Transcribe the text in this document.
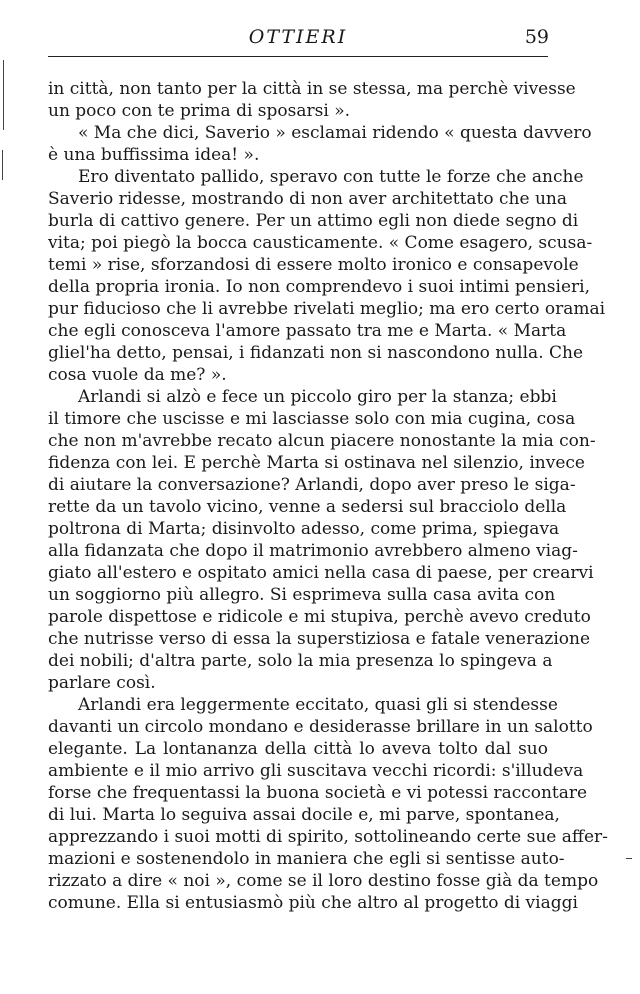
OTTIERI	59
in città, non tanto per la città in se stessa, ma perchè vivesse
un poco con te prima di sposarsi ».
« Ma che dici, Saverio » esclamai ridendo « questa davvero
è una buffissima idea! ».
Ero diventato pallido, speravo con tutte le forze che anche
Saverio ridesse, mostrando di non aver architettato che una
burla di cattivo genere. Per un attimo egli non diede segno di
vita; poi piegò la bocca causticamente. « Come esagero, scusa-
temi » rise, sforzandosi di essere molto ironico e consapevole
della propria ironia. Io non comprendevo i suoi intimi pensieri,
pur fiducioso che li avrebbe rivelati meglio; ma ero certo oramai
che egli conosceva l'amore passato tra me e Marta. « Marta
gliel'ha detto, pensai, i fidanzati non si nascondono nulla. Che
cosa vuole da me? ».
Arlandi si alzò e fece un piccolo giro per la stanza; ebbi
il timore che uscisse e mi lasciasse solo con mia cugina, cosa
che non m'avrebbe recato alcun piacere nonostante la mia con-
fidenza con lei. E perchè Marta si ostinava nel silenzio, invece
di aiutare la conversazione? Arlandi, dopo aver preso le siga-
rette da un tavolo vicino, venne a sedersi sul bracciolo della
poltrona di Marta; disinvolto adesso, come prima, spiegava
alla fidanzata che dopo il matrimonio avrebbero almeno viag-
giato all'estero e ospitato amici nella casa di paese, per crearvi
un soggiorno più allegro. Si esprimeva sulla casa avita con
parole dispettose e ridicole e mi stupiva, perchè avevo creduto
che nutrisse verso di essa la superstiziosa e fatale venerazione
dei nobili; d'altra parte, solo la mia presenza lo spingeva a
parlare così.
Arlandi era leggermente eccitato, quasi gli si stendesse
davanti un circolo mondano e desiderasse brillare in un salotto
elegante. La lontananza della città lo aveva tolto dal suo
ambiente e il mio arrivo gli suscitava vecchi ricordi: s'illudeva
forse che frequentassi la buona società e vi potessi raccontare
di lui. Marta lo seguiva assai docile e, mi parve, spontanea,
apprezzando i suoi motti di spirito, sottolineando certe sue affer-
mazioni e sostenendolo in maniera che egli si sentisse auto-
rizzato a dire « noi », come se il loro destino fosse già da tempo
comune. Ella si entusiasmò più che altro al progetto di viaggi
